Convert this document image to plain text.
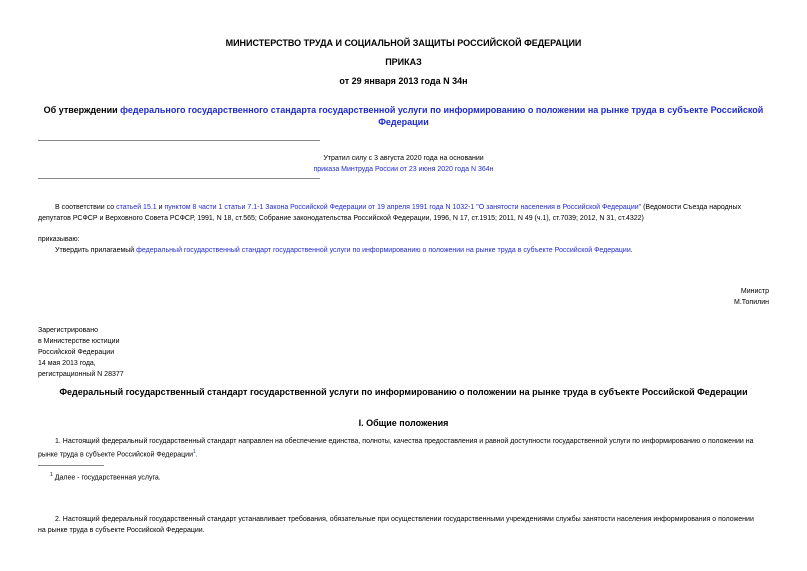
МИНИСТЕРСТВО ТРУДА И СОЦИАЛЬНОЙ ЗАЩИТЫ РОССИЙСКОЙ ФЕДЕРАЦИИ
ПРИКАЗ
от 29 января 2013 года N 34н
Об утверждении федерального государственного стандарта государственной услуги по информированию о положении на рынке труда в субъекте Российской
Федерации
Утратил силу с 3 августа 2020 года на основании
приказа Минтруда России от 23 июня 2020 года N 364н
В соответствии со статьей 15.1 и пунктом 8 части 1 статьи 7.1-1 Закона Российской Федерации от 19 апреля 1991 года N 1032-1 "О занятости населения в Российской Федерации" (Ведомости Съезда народных
депутатов РСФСР и Верховного Совета РСФСР, 1991, N 18, ст.565; Собрание законодательства Российской Федерации, 1996, N 17, ст.1915; 2011, N 49 (ч.1), ст.7039; 2012, N 31, ст.4322)
приказываю:
Утвердить прилагаемый федеральный государственный стандарт государственной услуги по информированию о положении на рынке труда в субъекте Российской Федерации.
Министр
М.Топилин
Зарегистрировано
в Министерстве юстиции
Российской Федерации
14 мая 2013 года,
регистрационный N 28377
Федеральный государственный стандарт государственной услуги по информированию о положении на рынке труда в субъекте Российской Федерации
I. Общие положения
1. Настоящий федеральный государственный стандарт направлен на обеспечение единства, полноты, качества предоставления и равной доступности государственной услуги по информированию о положении на
рынке труда в субъекте Российской Федерации$^1$.
$^1$ Далее - государственная услуга.
2. Настоящий федеральный государственный стандарт устанавливает требования, обязательные при осуществлении государственными учреждениями службы занятости населения информирования о положении
на рынке труда в субъекте Российской Федерации.
